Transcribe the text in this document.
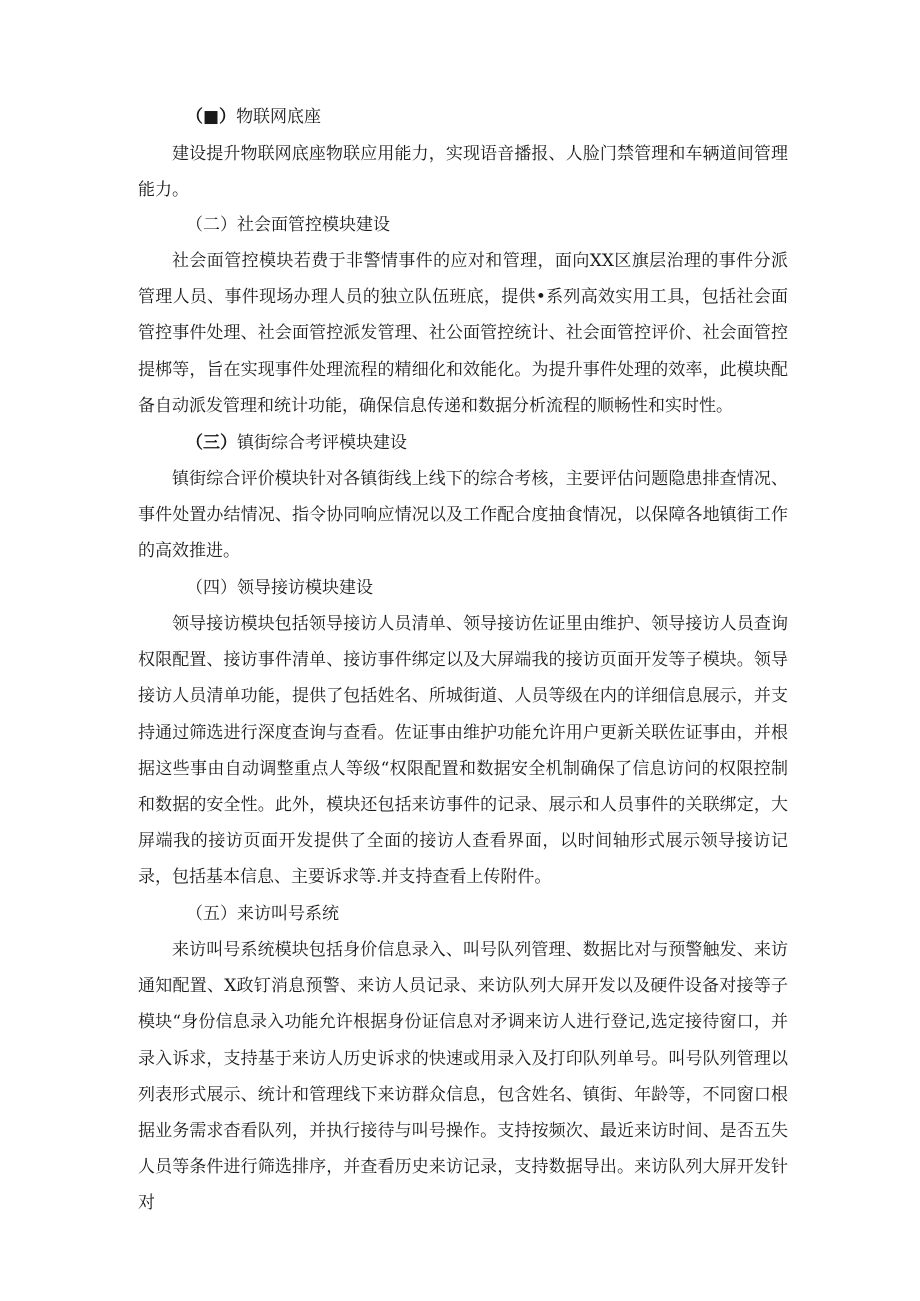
（■）物联网底座

建设提升物联网底座物联应用能力，实现语音播报、人脸门禁管理和车辆道间管理能力。

（二）社会面管控模块建设

社会面管控模块若费于非警情事件的应对和管理，面向XX区旗层治理的事件分派管理人员、事件现场办理人员的独立队伍班底，提供•系列高效实用工具，包括社会面管控事件处理、社会面管控派发管理、社公面管控统计、社会面管控评价、社会面管控提梆等，旨在实现事件处理流程的精细化和效能化。为提升事件处理的效率，此模块配备自动派发管理和统计功能，确保信息传递和数据分析流程的顺畅性和实时性。

（三）镇街综合考评模块建设

镇街综合评价模块针对各镇街线上线下的综合考核，主要评估问题隐患排查情况、事件处置办结情况、指令协同响应情况以及工作配合度抽食情况，以保障各地镇街工作的高效推进。

（四）领导接访模块建设

领导接访模块包括领导接访人员清单、领导接访佐证里由维护、领导接访人员查询权限配置、接访事件清单、接访事件绑定以及大屏端我的接访页面开发等子模块。领导接访人员清单功能，提供了包括姓名、所城街道、人员等级在内的详细信息展示，并支持通过筛选进行深度查询与查看。佐证事由维护功能允许用户更新关联佐证事由，并根据这些事由自动调整重点人等级“权限配置和数据安全机制确保了信息访问的权限控制和数据的安全性。此外，模块还包括来访事件的记录、展示和人员事件的关联绑定，大屏端我的接访页面开发提供了全面的接访人查看界面，以时间轴形式展示领导接访记录，包括基本信息、主要诉求等.并支持查看上传附件。

（五）来访叫号系统

来访叫号系统模块包括身价信息录入、叫号队列管理、数据比对与预警触发、来访通知配置、X政钉消息预警、来访人员记录、来访队列大屏开发以及硬件设备对接等子模块“身份信息录入功能允许根据身份证信息对矛调来访人进行登记,选定接待窗口，并录入诉求，支持基于来访人历史诉求的快速或用录入及打印队列单号。叫号队列管理以列表形式展示、统计和管理线下来访群众信息，包含姓名、镇街、年龄等，不同窗口根据业务需求杳看队列，并执行接待与叫号操作。支持按频次、最近来访时间、是否五失人员等条件进行筛选排序，并查看历史来访记录，支持数据导出。来访队列大屏开发针对
